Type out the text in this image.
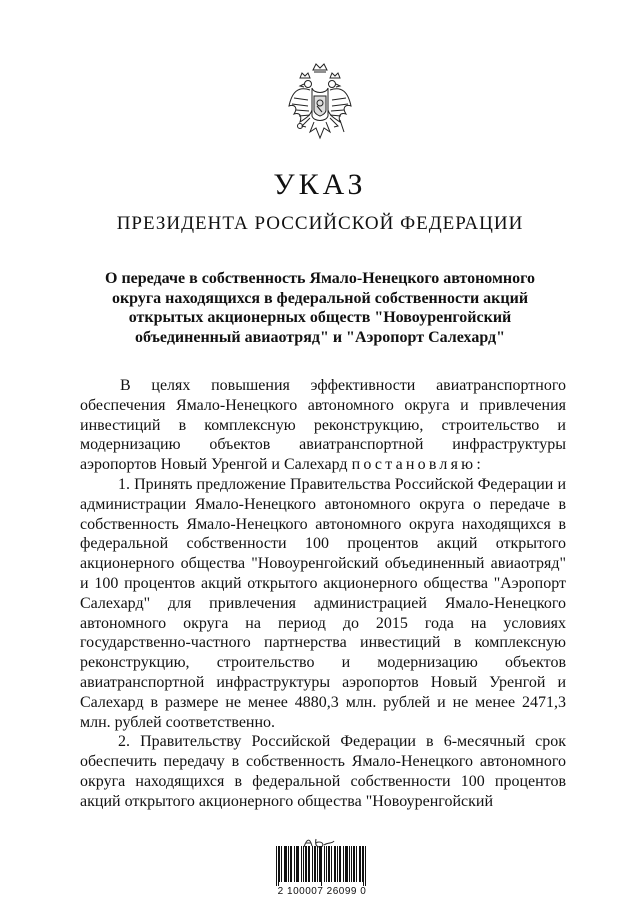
УКАЗ
ПРЕЗИДЕНТА РОССИЙСКОЙ ФЕДЕРАЦИИ
О передаче в собственность Ямало-Ненецкого автономного
округа находящихся в федеральной собственности акций
открытых акционерных обществ "Новоуренгойский
объединенный авиаотряд" и "Аэропорт Салехард"

В целях повышения эффективности авиатранспортного обеспечения Ямало-Ненецкого автономного округа и привлечения инвестиций в комплексную реконструкцию, строительство и модернизацию объектов авиатранспортной инфраструктуры аэропортов Новый Уренгой и Салехард постановляю:

1. Принять предложение Правительства Российской Федерации и администрации Ямало-Ненецкого автономного округа о передаче в собственность Ямало-Ненецкого автономного округа находящихся в федеральной собственности 100 процентов акций открытого акционерного общества "Новоуренгойский объединенный авиаотряд" и 100 процентов акций открытого акционерного общества "Аэропорт Салехард" для привлечения администрацией Ямало-Ненецкого автономного округа на период до 2015 года на условиях государственно-частного партнерства инвестиций в комплексную реконструкцию, строительство и модернизацию объектов авиатранспортной инфраструктуры аэропортов Новый Уренгой и Салехард в размере не менее 4880,3 млн. рублей и не менее 2471,3 млн. рублей соответственно.

2. Правительству Российской Федерации в 6-месячный срок обеспечить передачу в собственность Ямало-Ненецкого автономного округа находящихся в федеральной собственности 100 процентов акций открытого акционерного общества "Новоуренгойский

2 100007 26099 0
